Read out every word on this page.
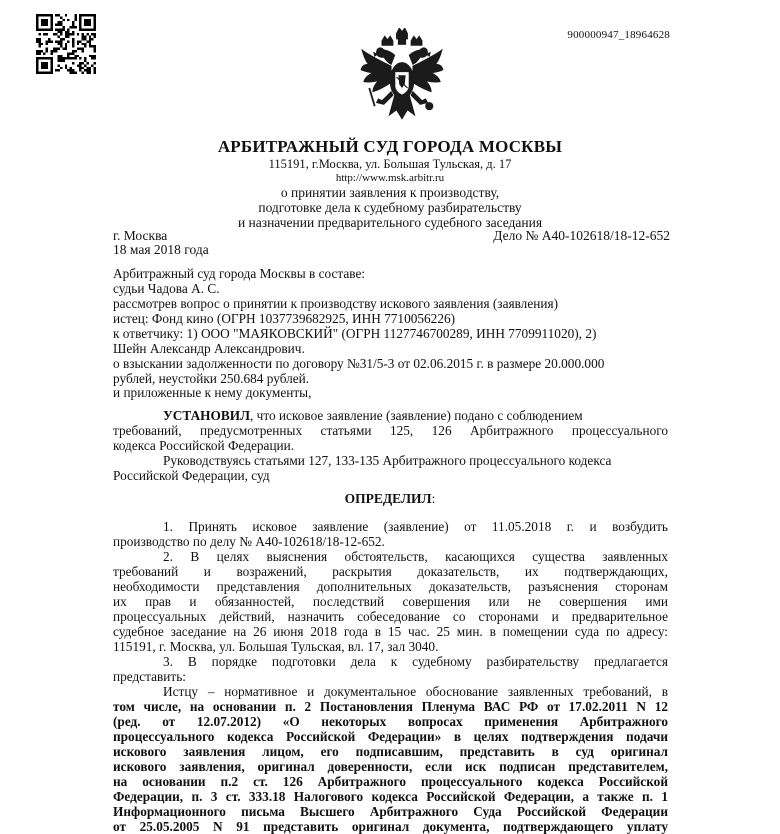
900000947_18964628
АРБИТРАЖНЫЙ СУД ГОРОДА МОСКВЫ
115191, г.Москва, ул. Большая Тульская, д. 17
http://www.msk.arbitr.ru
о принятии заявления к производству,
подготовке дела к судебному разбирательству
и назначении предварительного судебного заседания
г. Москва	Дело № А40-102618/18-12-652
18 мая 2018 года
Арбитражный суд города Москвы в составе:
судьи Чадова А. С.
рассмотрев вопрос о принятии к производству искового заявления (заявления)
истец: Фонд кино (ОГРН 1037739682925, ИНН 7710056226)
к ответчику: 1) ООО "МАЯКОВСКИЙ" (ОГРН 1127746700289, ИНН 7709911020), 2)
Шейн Александр Александрович.
о взыскании задолженности по договору №31/5-3 от 02.06.2015 г. в размере 20.000.000
рублей, неустойки 250.684 рублей.
и приложенные к нему документы,
УСТАНОВИЛ, что исковое заявление (заявление) подано с соблюдением
требований, предусмотренных статьями 125, 126 Арбитражного процессуального
кодекса Российской Федерации.
Руководствуясь статьями 127, 133-135 Арбитражного процессуального кодекса
Российской Федерации, суд
ОПРЕДЕЛИЛ:
1. Принять исковое заявление (заявление) от 11.05.2018 г. и возбудить
производство по делу № А40-102618/18-12-652.
2. В целях выяснения обстоятельств, касающихся существа заявленных
требований и возражений, раскрытия доказательств, их подтверждающих,
необходимости представления дополнительных доказательств, разъяснения сторонам
их прав и обязанностей, последствий совершения или не совершения ими
процессуальных действий, назначить собеседование со сторонами и предварительное
судебное заседание на 26 июня 2018 года в 15 час. 25 мин. в помещении суда по адресу:
115191, г. Москва, ул. Большая Тульская, вл. 17, зал 3040.
3. В порядке подготовки дела к судебному разбирательству предлагается
представить:
Истцу – нормативное и документальное обоснование заявленных требований, в
том числе, на основании п. 2 Постановления Пленума ВАС РФ от 17.02.2011 N 12
(ред. от 12.07.2012) «О некоторых вопросах применения Арбитражного
процессуального кодекса Российской Федерации» в целях подтверждения подачи
искового заявления лицом, его подписавшим, представить в суд оригинал
искового заявления, оригинал доверенности, если иск подписан представителем,
на основании п.2 ст. 126 Арбитражного процессуального кодекса Российской
Федерации, п. 3 ст. 333.18 Налогового кодекса Российской Федерации, а также п. 1
Информационного письма Высшего Арбитражного Суда Российской Федерации
от 25.05.2005 N 91 представить оригинал документа, подтверждающего уплату
